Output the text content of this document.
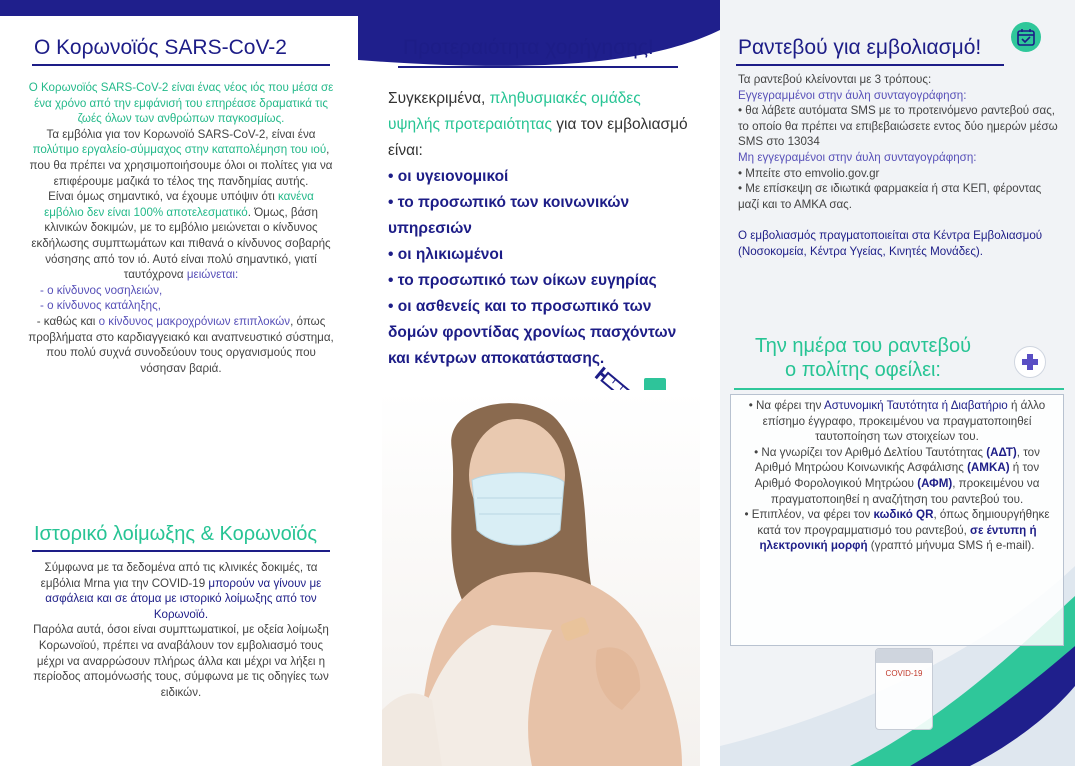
Ο Κορωνοϊός SARS-CoV-2

Ο Κορωνοϊός SARS-CoV-2 είναι ένας νέος ιός που μέσα σε ένα χρόνο από την εμφάνισή του επηρέασε δραματικά τις ζωές όλων των ανθρώπων παγκοσμίως.

Τα εμβόλια για τον Κορωνοϊό SARS-CoV-2, είναι ένα πολύτιμο εργαλείο-σύμμαχος στην καταπολέμηση του ιού, που θα πρέπει να χρησιμοποιήσουμε όλοι οι πολίτες για να επιφέρουμε μαζικά το τέλος της πανδημίας αυτής.

Είναι όμως σημαντικό, να έχουμε υπόψιν ότι κανένα εμβόλιο δεν είναι 100% αποτελεσματικό. Όμως, βάση κλινικών δοκιμών, με το εμβόλιο μειώνεται ο κίνδυνος εκδήλωσης συμπτωμάτων και πιθανά ο κίνδυνος σοβαρής νόσησης από τον ιό. Αυτό είναι πολύ σημαντικό, γιατί ταυτόχρονα μειώνεται:

- ο κίνδυνος νοσηλειών,

- ο κίνδυνος κατάληξης,

- καθώς και ο κίνδυνος μακροχρόνιων επιπλοκών, όπως προβλήματα στο καρδιαγγειακό και αναπνευστικό σύστημα, που πολύ συχνά συνοδεύουν τους οργανισμούς που νόσησαν βαριά.

Ιστορικό λοίμωξης & Κορωνοϊός

Σύμφωνα με τα δεδομένα από τις κλινικές δοκιμές, τα εμβόλια Mrna για την COVID-19 μπορούν να γίνουν με ασφάλεια και σε άτομα με ιστορικό λοίμωξης από τον Κορωνοϊό.

Παρόλα αυτά, όσοι είναι συμπτωματικοί, με οξεία λοίμωξη Κορωνοϊού, πρέπει να αναβάλουν τον εμβολιασμό τους μέχρι να αναρρώσουν πλήρως άλλα και μέχρι να λήξει η περίοδος απομόνωσής τους, σύμφωνα με τις οδηγίες των ειδικών.

Προτεραιότητα χορήγησης!
Συγκεκριμένα, πληθυσμιακές ομάδες υψηλής προτεραιότητας για τον εμβολιασμό είναι:
• οι υγειονομικοί
• το προσωπικό των κοινωνικών υπηρεσιών
• οι ηλικιωμένοι
• το προσωπικό των οίκων ευγηρίας
• οι ασθενείς και το προσωπικό των δομών φροντίδας χρονίως πασχόντων και κέντρων αποκατάστασης.
Ραντεβού για εμβολιασμό!

Τα ραντεβού κλείνονται με 3 τρόπους:

Εγγεγραμμένοι στην άυλη συνταγογράφηση:

• θα λάβετε αυτόματα SMS με το προτεινόμενο ραντεβού σας, το οποίο θα πρέπει να επιβεβαιώσετε εντος δύο ημερών μέσω SMS στο 13034

Μη εγγεγραμένοι στην άυλη συνταγογράφηση:

• Μπείτε στο emvolio.gov.gr

• Με επίσκεψη σε ιδιωτικά φαρμακεία ή στα ΚΕΠ, φέροντας μαζί και το ΑΜΚΑ σας.

Ο εμβολιασμός πραγματοποιείται στα Κέντρα Εμβολιασμού (Νοσοκομεία, Κέντρα Υγείας, Κινητές Μονάδες).

Την ημέρα του ραντεβού
ο πολίτης οφείλει:

• Να φέρει την Αστυνομική Ταυτότητα ή Διαβατήριο ή άλλο επίσημο έγγραφο, προκειμένου να πραγματοποιηθεί ταυτοποίηση των στοιχείων του.

• Να γνωρίζει τον Αριθμό Δελτίου Ταυτότητας (ΑΔΤ), τον Αριθμό Μητρώου Κοινωνικής Ασφάλισης (ΑΜΚΑ) ή τον Αριθμό Φορολογικού Μητρώου (ΑΦΜ), προκειμένου να πραγματοποιηθεί η αναζήτηση του ραντεβού του.

• Επιπλέον, να φέρει τον κωδικό QR, όπως δημιουργήθηκε κατά τον προγραμματισμό του ραντεβού, σε έντυπη ή ηλεκτρονική μορφή (γραπτό μήνυμα SMS ή e-mail).

COVID-19
